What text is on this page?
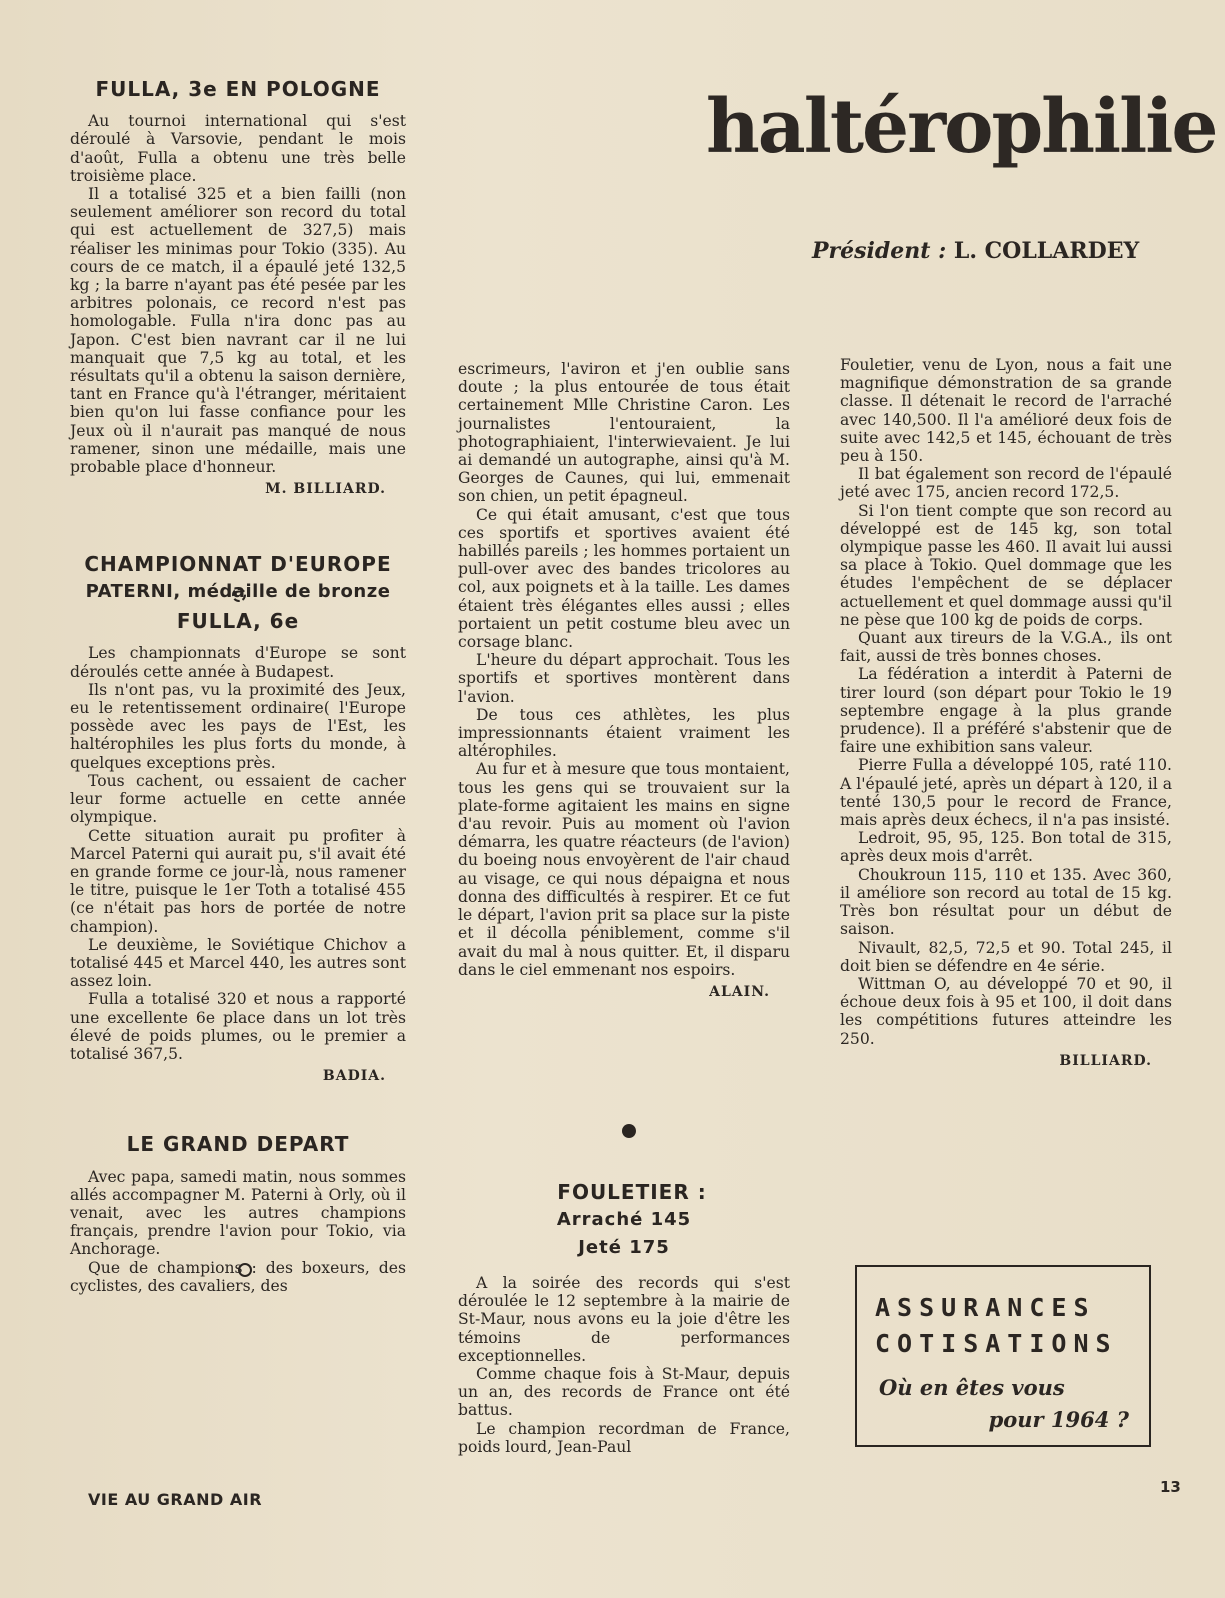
haltérophilie
Président : L. COLLARDEY
FULLA, 3e EN POLOGNE

Au tournoi international qui s'est déroulé à Varsovie, pendant le mois d'août, Fulla a obtenu une très belle troisième place.

Il a totalisé 325 et a bien failli (non seulement améliorer son record du total qui est actuellement de 327,5) mais réaliser les minimas pour Tokio (335). Au cours de ce match, il a épaulé jeté 132,5 kg ; la barre n'ayant pas été pesée par les arbitres polonais, ce record n'est pas homologable. Fulla n'ira donc pas au Japon. C'est bien navrant car il ne lui manquait que 7,5 kg au total, et les résultats qu'il a obtenu la saison dernière, tant en France qu'à l'étranger, méritaient bien qu'on lui fasse confiance pour les Jeux où il n'aurait pas manqué de nous ramener, sinon une médaille, mais une probable place d'honneur.

M. BILLIARD.
CHAMPIONNAT D'EUROPE
PATERNI, médaille de bronze
FULLA, 6e

Les championnats d'Europe se sont déroulés cette année à Budapest.

Ils n'ont pas, vu la proximité des Jeux, eu le retentissement ordinaire( l'Europe possède avec les pays de l'Est, les haltérophiles les plus forts du monde, à quelques exceptions près.

Tous cachent, ou essaient de cacher leur forme actuelle en cette année olympique.

Cette situation aurait pu profiter à Marcel Paterni qui aurait pu, s'il avait été en grande forme ce jour-là, nous ramener le titre, puisque le 1er Toth a totalisé 455 (ce n'était pas hors de portée de notre champion).

Le deuxième, le Soviétique Chichov a totalisé 445 et Marcel 440, les autres sont assez loin.

Fulla a totalisé 320 et nous a rapporté une excellente 6e place dans un lot très élevé de poids plumes, ou le premier a totalisé 367,5.

BADIA.
LE GRAND DEPART

Avec papa, samedi matin, nous sommes allés accompagner M. Paterni à Orly, où il venait, avec les autres champions français, prendre l'avion pour Tokio, via Anchorage.

Que de champions : des boxeurs, des cyclistes, des cavaliers, des

escrimeurs, l'aviron et j'en oublie sans doute ; la plus entourée de tous était certainement Mlle Christine Caron. Les journalistes l'entouraient, la photographiaient, l'interwievaient. Je lui ai demandé un autographe, ainsi qu'à M. Georges de Caunes, qui lui, emmenait son chien, un petit épagneul.

Ce qui était amusant, c'est que tous ces sportifs et sportives avaient été habillés pareils ; les hommes portaient un pull-over avec des bandes tricolores au col, aux poignets et à la taille. Les dames étaient très élégantes elles aussi ; elles portaient un petit costume bleu avec un corsage blanc.

L'heure du départ approchait. Tous les sportifs et sportives montèrent dans l'avion.

De tous ces athlètes, les plus impressionnants étaient vraiment les altérophiles.

Au fur et à mesure que tous montaient, tous les gens qui se trouvaient sur la plate-forme agitaient les mains en signe d'au revoir. Puis au moment où l'avion démarra, les quatre réacteurs (de l'avion) du boeing nous envoyèrent de l'air chaud au visage, ce qui nous dépaigna et nous donna des difficultés à respirer. Et ce fut le départ, l'avion prit sa place sur la piste et il décolla péniblement, comme s'il avait du mal à nous quitter. Et, il disparu dans le ciel emmenant nos espoirs.

ALAIN.
FOULETIER :
Arraché 145
Jeté 175

A la soirée des records qui s'est déroulée le 12 septembre à la mairie de St-Maur, nous avons eu la joie d'être les témoins de performances exceptionnelles.

Comme chaque fois à St-Maur, depuis un an, des records de France ont été battus.

Le champion recordman de France, poids lourd, Jean-Paul

Fouletier, venu de Lyon, nous a fait une magnifique démonstration de sa grande classe. Il détenait le record de l'arraché avec 140,500. Il l'a amélioré deux fois de suite avec 142,5 et 145, échouant de très peu à 150.

Il bat également son record de l'épaulé jeté avec 175, ancien record 172,5.

Si l'on tient compte que son record au développé est de 145 kg, son total olympique passe les 460. Il avait lui aussi sa place à Tokio. Quel dommage que les études l'empêchent de se déplacer actuellement et quel dommage aussi qu'il ne pèse que 100 kg de poids de corps.

Quant aux tireurs de la V.G.A., ils ont fait, aussi de très bonnes choses.

La fédération a interdit à Paterni de tirer lourd (son départ pour Tokio le 19 septembre engage à la plus grande prudence). Il a préféré s'abstenir que de faire une exhibition sans valeur.

Pierre Fulla a développé 105, raté 110. A l'épaulé jeté, après un départ à 120, il a tenté 130,5 pour le record de France, mais après deux échecs, il n'a pas insisté.

Ledroit, 95, 95, 125. Bon total de 315, après deux mois d'arrêt.

Choukroun 115, 110 et 135. Avec 360, il améliore son record au total de 15 kg. Très bon résultat pour un début de saison.

Nivault, 82,5, 72,5 et 90. Total 245, il doit bien se défendre en 4e série.

Wittman O, au développé 70 et 90, il échoue deux fois à 95 et 100, il doit dans les compétitions futures atteindre les 250.

BILLIARD.
ASSURANCES
COTISATIONS
Où en êtes vous
pour 1964 ?
VIE AU GRAND AIR
13
